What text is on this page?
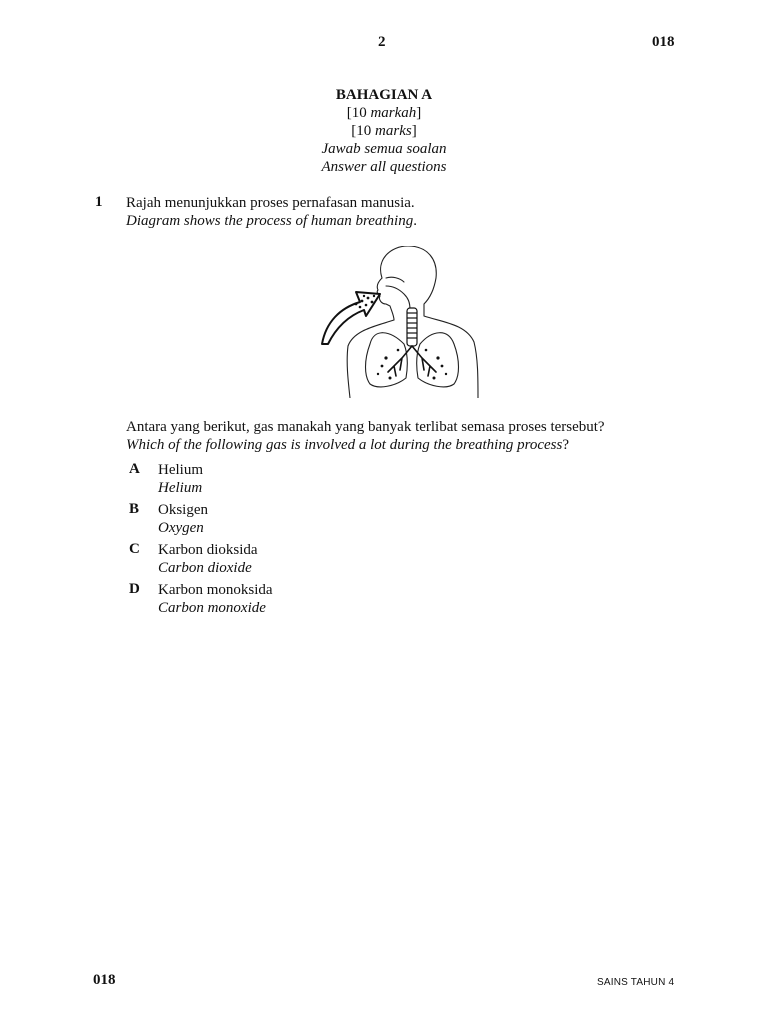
2	018
BAHAGIAN A
[10 markah]
[10 marks]
Jawab semua soalan
Answer all questions
1 Rajah menunjukkan proses pernafasan manusia.
Diagram shows the process of human breathing.
Antara yang berikut, gas manakah yang banyak terlibat semasa proses tersebut?
Which of the following gas is involved a lot during the breathing process?
A Helium
Helium
B Oksigen
Oxygen
C Karbon dioksida
Carbon dioxide
D Karbon monoksida
Carbon monoxide
018	SAINS TAHUN 4
